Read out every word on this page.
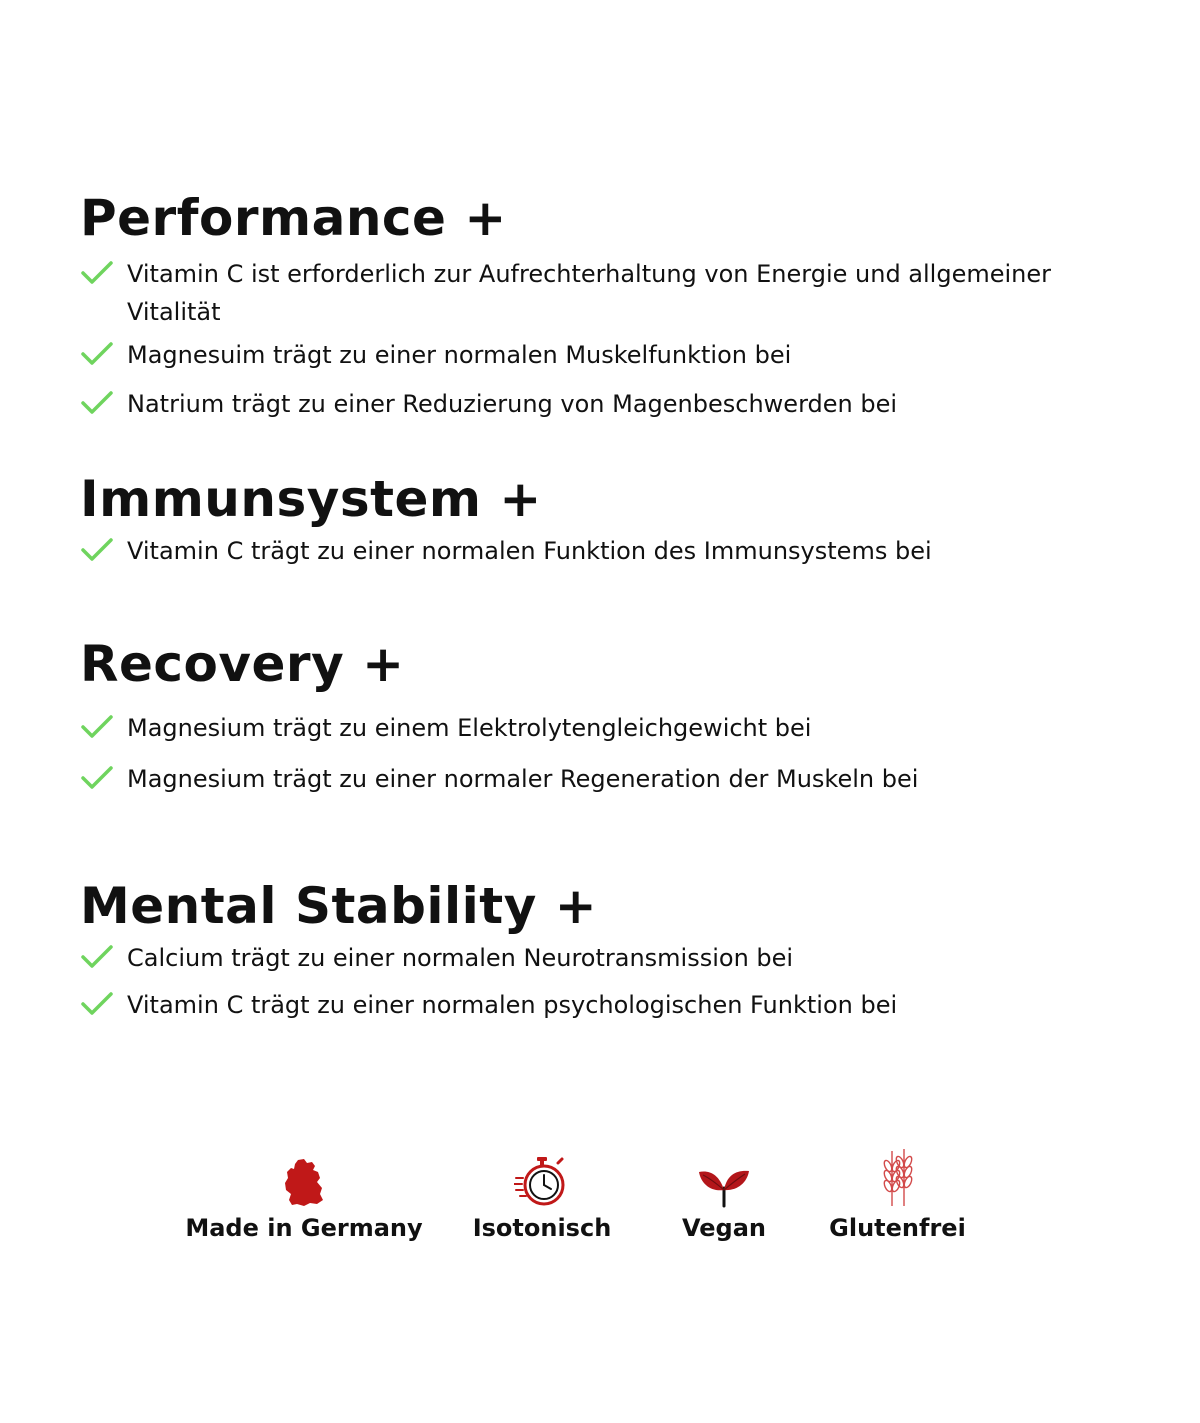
Performance +
Vitamin C ist erforderlich zur Aufrechterhaltung von Energie und allgemeiner Vitalität
Magnesuim trägt zu einer normalen Muskelfunktion bei
Natrium trägt zu einer Reduzierung von Magenbeschwerden bei
Immunsystem +
Vitamin C trägt zu einer normalen Funktion des Immunsystems bei
Recovery +
Magnesium trägt zu einem Elektrolytengleichgewicht bei
Magnesium trägt zu einer normaler Regeneration der Muskeln bei
Mental Stability +
Calcium trägt zu einer normalen Neurotransmission bei
Vitamin C trägt zu einer normalen psychologischen Funktion bei
Made in Germany	Isotonisch	Vegan	Glutenfrei
